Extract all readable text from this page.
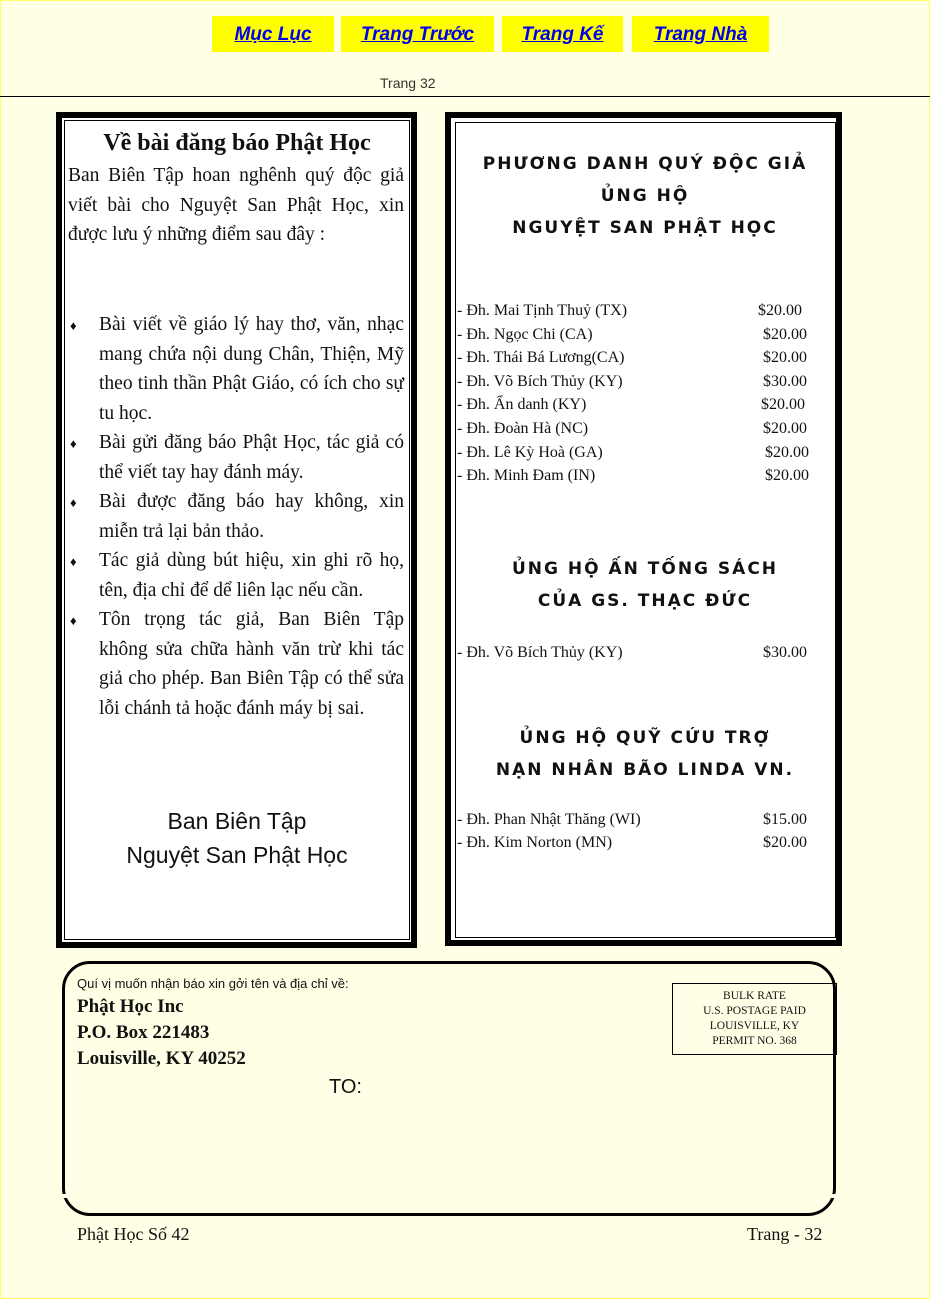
Mục Lục	Trang Trước	Trang Kế	Trang Nhà
Trang 32
Về bài đăng báo Phật Học
Ban Biên Tập hoan nghênh quý độc giả viết bài cho Nguyệt San Phật Học, xin được lưu ý những điểm sau đây :
♦ Bài viết về giáo lý hay thơ, văn, nhạc mang chứa nội dung Chân, Thiện, Mỹ theo tinh thần Phật Giáo, có ích cho sự tu học.
♦ Bài gửi đăng báo Phật Học, tác giả có thể viết tay hay đánh máy.
♦ Bài được đăng báo hay không, xin miễn trả lại bản thảo.
♦ Tác giả dùng bút hiệu, xin ghi rõ họ, tên, địa chỉ để dể liên lạc nếu cần.
♦ Tôn trọng tác giả, Ban Biên Tập không sửa chữa hành văn trừ khi tác giả cho phép. Ban Biên Tập có thể sửa lỗi chánh tả hoặc đánh máy bị sai.
Ban Biên Tập
Nguyệt San Phật Học
PHƯƠNG DANH QUÝ ĐỘC GIẢ
ỦNG HỘ
NGUYỆT SAN PHẬT HỌC
- Đh. Mai Tịnh Thuỷ (TX)	$20.00
- Đh. Ngọc Chi (CA)	$20.00
- Đh. Thái Bá Lương(CA)	$20.00
- Đh. Võ Bích Thủy (KY)	$30.00
- Đh. Ẩn danh (KY)	$20.00
- Đh. Đoàn Hà (NC)	$20.00
- Đh. Lê Kỳ Hoà (GA)	$20.00
- Đh. Minh Đam (IN)	$20.00
ỦNG HỘ ẤN TỐNG SÁCH
CỦA GS. THẠC ĐỨC
- Đh. Võ Bích Thủy (KY)	$30.00
ỦNG HỘ QUỸ CỨU TRỢ
NẠN NHÂN BÃO LINDA VN.
- Đh. Phan Nhật Thăng (WI)	$15.00
- Đh. Kim Norton (MN)	$20.00
Quí vị muốn nhận báo xin gởi tên và địa chỉ về:
Phật Học Inc
P.O. Box 221483
Louisville, KY 40252
BULK RATE
U.S. POSTAGE PAID
LOUISVILLE, KY
PERMIT NO. 368
TO:
Phật Học Số 42	Trang - 32
